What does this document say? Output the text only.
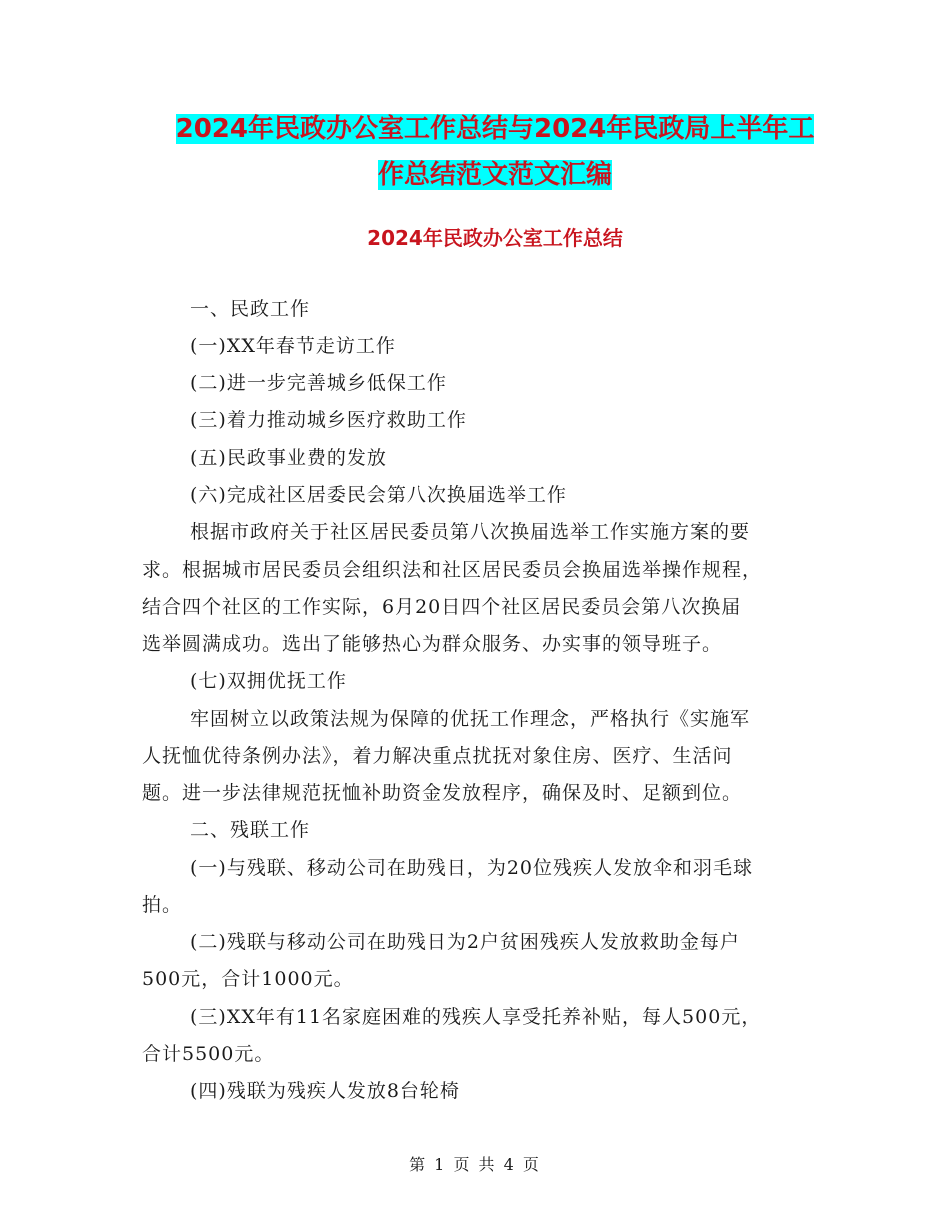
2024年民政办公室工作总结与2024年民政局上半年工
作总结范文范文汇编
2024年民政办公室工作总结
一、民政工作
(一)XX年春节走访工作
(二)进一步完善城乡低保工作
(三)着力推动城乡医疗救助工作
(五)民政事业费的发放
(六)完成社区居委民会第八次换届选举工作
根据市政府关于社区居民委员第八次换届选举工作实施方案的要
求。根据城市居民委员会组织法和社区居民委员会换届选举操作规程，
结合四个社区的工作实际，6月20日四个社区居民委员会第八次换届
选举圆满成功。选出了能够热心为群众服务、办实事的领导班子。
(七)双拥优抚工作
牢固树立以政策法规为保障的优抚工作理念，严格执行《实施军
人抚恤优待条例办法》，着力解决重点扰抚对象住房、医疗、生活问
题。进一步法律规范抚恤补助资金发放程序，确保及时、足额到位。
二、残联工作
(一)与残联、移动公司在助残日，为20位残疾人发放伞和羽毛球
拍。
(二)残联与移动公司在助残日为2户贫困残疾人发放救助金每户
500元，合计1000元。
(三)XX年有11名家庭困难的残疾人享受托养补贴，每人500元，
合计5500元。
(四)残联为残疾人发放8台轮椅
第 1 页 共 4 页
